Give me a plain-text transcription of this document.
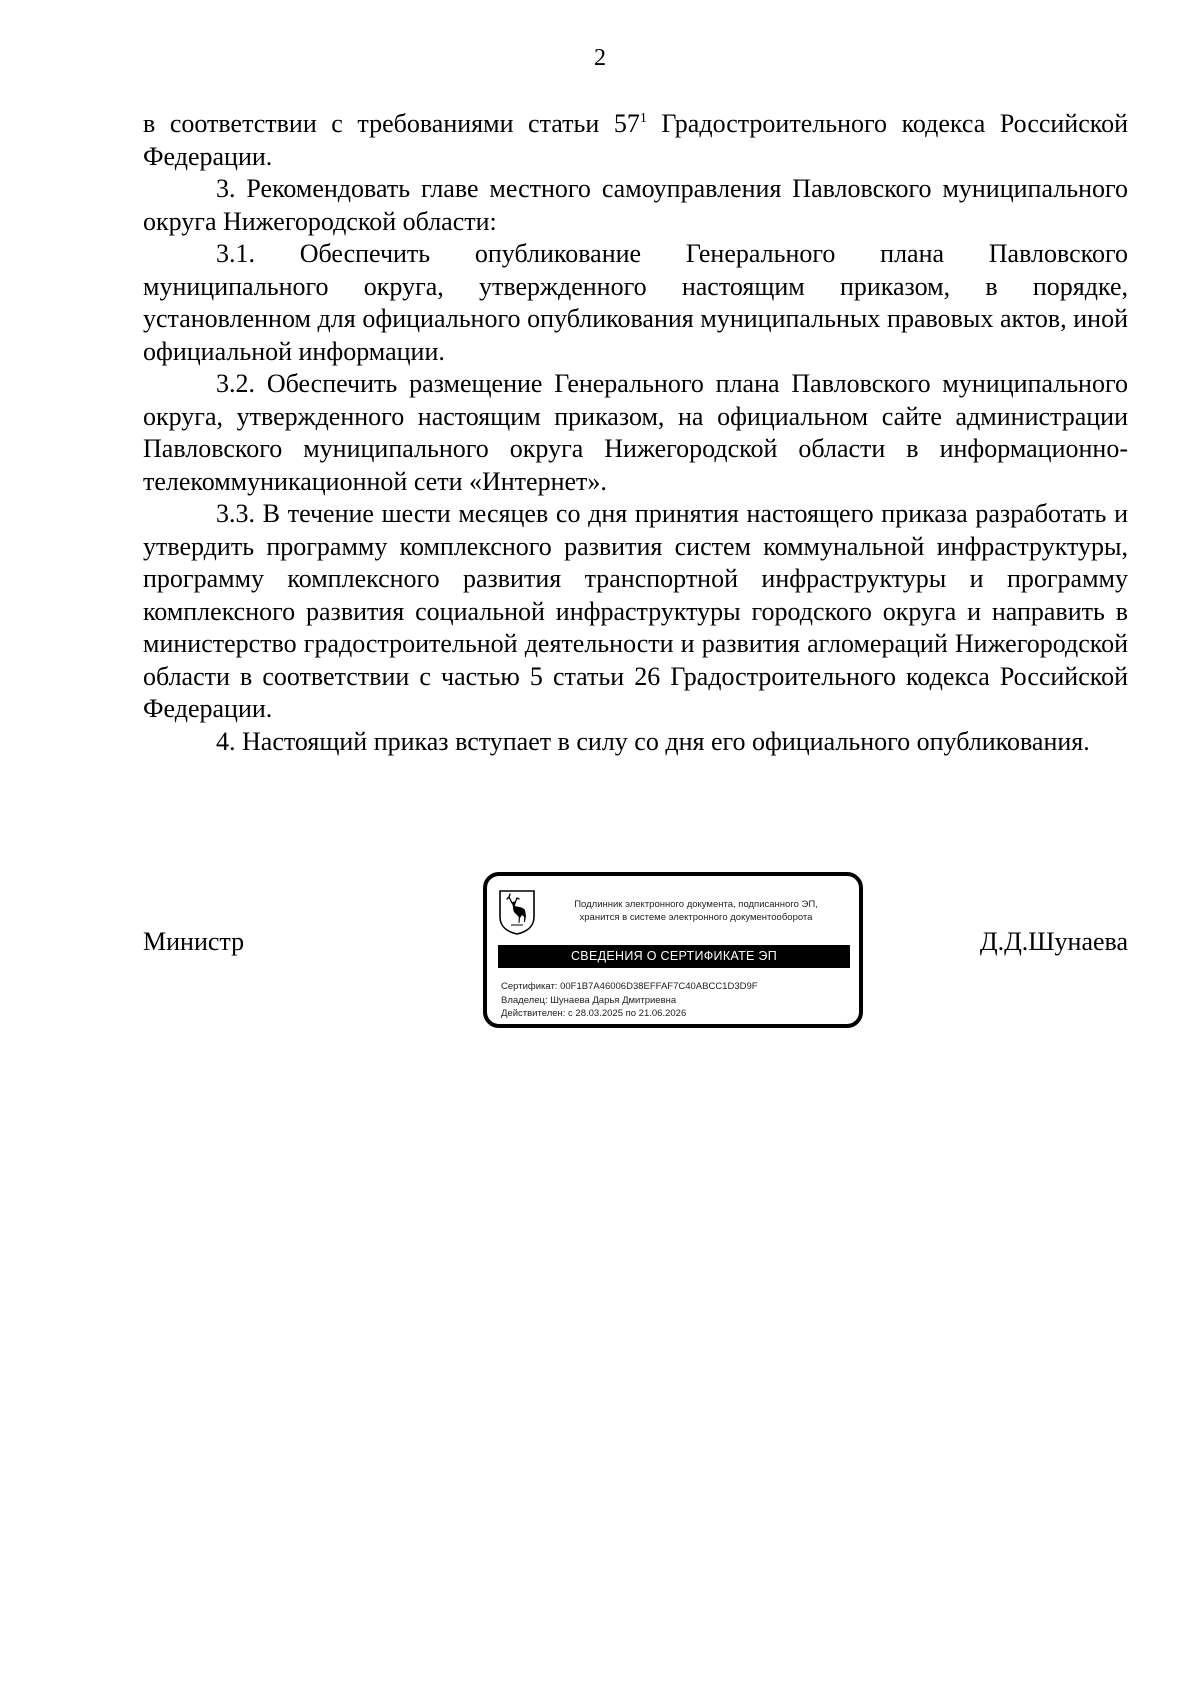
2

в соответствии с требованиями статьи $57^1$ Градостроительного кодекса Российской Федерации.

3. Рекомендовать главе местного самоуправления Павловского муниципального округа Нижегородской области:

3.1. Обеспечить опубликование Генерального плана Павловского муниципального округа, утвержденного настоящим приказом, в порядке, установленном для официального опубликования муниципальных правовых актов, иной официальной информации.

3.2. Обеспечить размещение Генерального плана Павловского муниципального округа, утвержденного настоящим приказом, на официальном сайте администрации Павловского муниципального округа Нижегородской области в информационно-телекоммуникационной сети «Интернет».

3.3. В течение шести месяцев со дня принятия настоящего приказа разработать и утвердить программу комплексного развития систем коммунальной инфраструктуры, программу комплексного развития транспортной инфраструктуры и программу комплексного развития социальной инфраструктуры городского округа и направить в министерство градостроительной деятельности и развития агломераций Нижегородской области в соответствии с частью 5 статьи 26 Градостроительного кодекса Российской Федерации.

4. Настоящий приказ вступает в силу со дня его официального опубликования.

Министр	Д.Д.Шунаева
Подлинник электронного документа, подписанного ЭП,
хранится в системе электронного документооборота
СВЕДЕНИЯ О СЕРТИФИКАТЕ ЭП
Сертификат: 00F1B7A46006D38EFFAF7C40ABCC1D3D9F
Владелец: Шунаева Дарья Дмитриевна
Действителен: с 28.03.2025 по 21.06.2026
